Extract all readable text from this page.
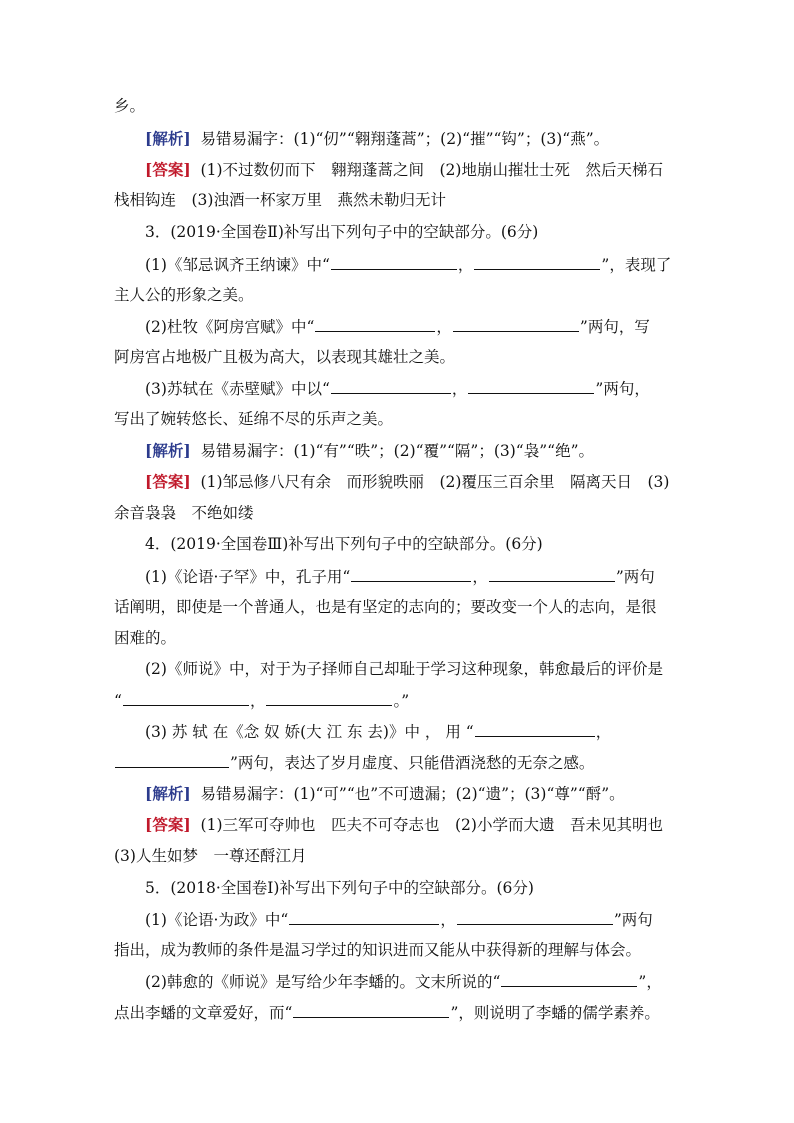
乡。
[解析] 易错易漏字：(1)“仞”“翱翔蓬蒿”；(2)“摧”“钩”；(3)“燕”。
[答案] (1)不过数仞而下　翱翔蓬蒿之间　(2)地崩山摧壮士死　然后天梯石
栈相钩连　(3)浊酒一杯家万里　燕然未勒归无计
3．(2019·全国卷Ⅱ)补写出下列句子中的空缺部分。(6分)
(1)《邹忌讽齐王纳谏》中“	，	”，表现了
主人公的形象之美。
(2)杜牧《阿房宫赋》中“	，	”两句，写
阿房宫占地极广且极为高大，以表现其雄壮之美。
(3)苏轼在《赤壁赋》中以“	，	”两句，
写出了婉转悠长、延绵不尽的乐声之美。
[解析] 易错易漏字：(1)“有”“昳”；(2)“覆”“隔”；(3)“袅”“绝”。
[答案] (1)邹忌修八尺有余　而形貌昳丽　(2)覆压三百余里　隔离天日　(3)
余音袅袅　不绝如缕
4．(2019·全国卷Ⅲ)补写出下列句子中的空缺部分。(6分)
(1)《论语·子罕》中，孔子用“	，	”两句
话阐明，即使是一个普通人，也是有坚定的志向的；要改变一个人的志向，是很
困难的。
(2)《师说》中，对于为子择师自己却耻于学习这种现象，韩愈最后的评价是
“	，	。”
(3) 苏 轼 在《念 奴 娇(大 江 东 去)》中 ， 用 “	，
”两句，表达了岁月虚度、只能借酒浇愁的无奈之感。
[解析] 易错易漏字：(1)“可”“也”不可遗漏；(2)“遗”；(3)“尊”“酹”。
[答案] (1)三军可夺帅也　匹夫不可夺志也　(2)小学而大遗　吾未见其明也
(3)人生如梦　一尊还酹江月
5．(2018·全国卷Ⅰ)补写出下列句子中的空缺部分。(6分)
(1)《论语·为政》中“	，	”两句
指出，成为教师的条件是温习学过的知识进而又能从中获得新的理解与体会。
(2)韩愈的《师说》是写给少年李蟠的。文末所说的“	”，
点出李蟠的文章爱好，而“	”，则说明了李蟠的儒学素养。
